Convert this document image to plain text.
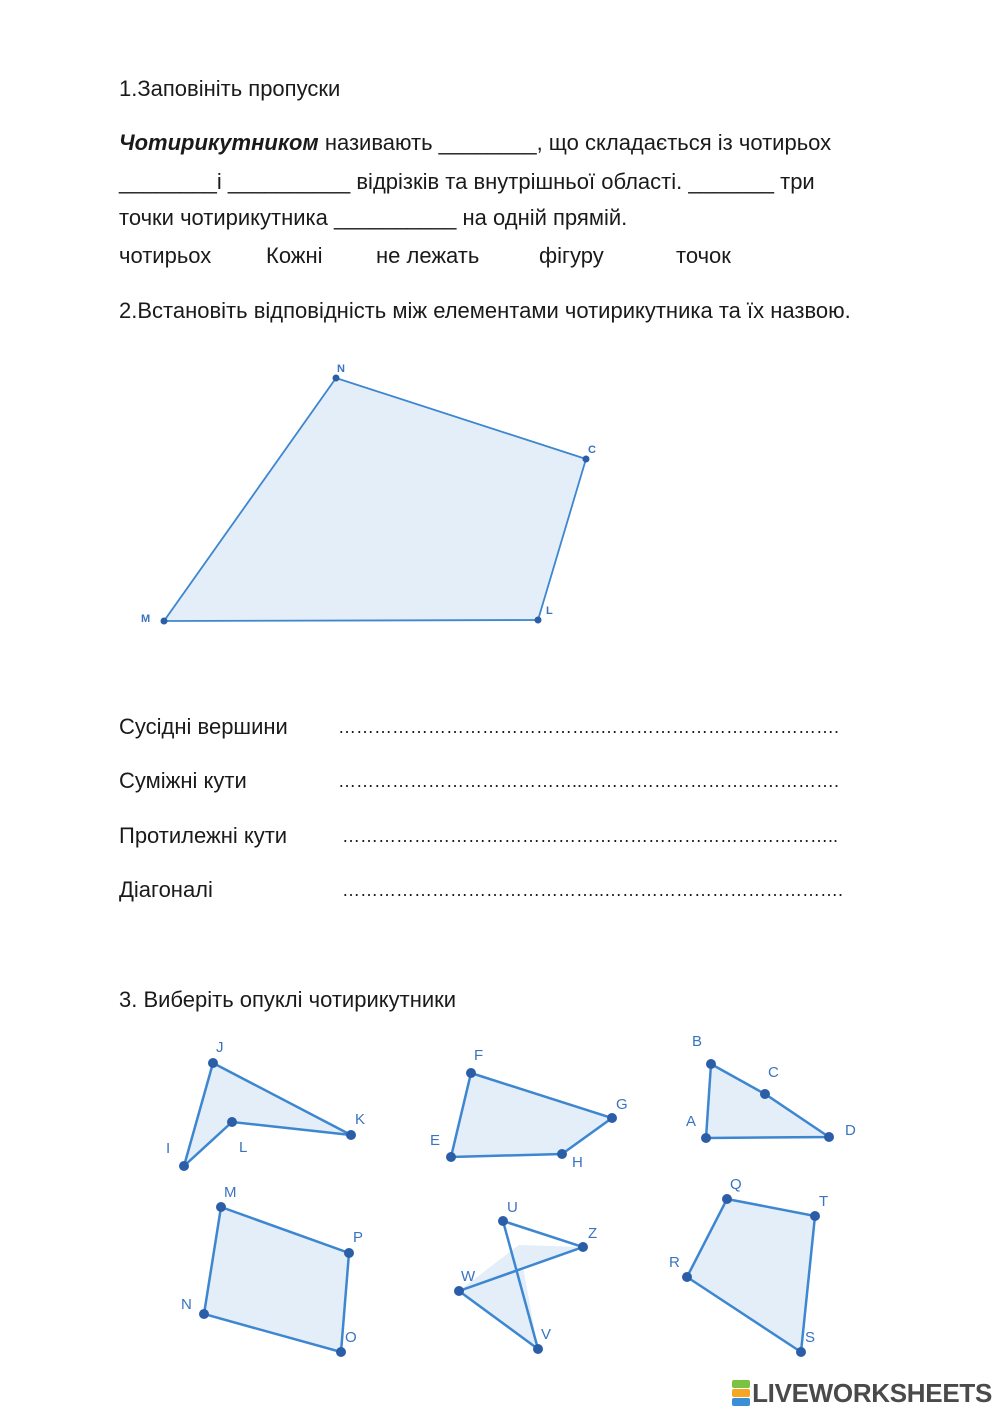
1.Заповініть пропуски
Чотирикутником називають ________, що складається із чотирьох
________і __________ відрізків та внутрішньої області. _______ три
точки чотирикутника __________ на одній прямій.
чотирьох Кожні не лежать	фігуру	точок
2.Встановіть відповідність між елементами чотирикутника та їх назвою.
N
C
L
M
J
K
L
I
F
G
H
E
B
C
D
A
M
P
O
N
U
Z
W
V
Q
T
S
R
Сусідні вершини	……………………………………..………………………………….
Суміжні кути	…………………………………..…………………………………….
Протилежні кути	………………………………………………………………………..
Діагоналі	……………………………………..………………………………….
3. Виберіть опуклі чотирикутники
LIVEWORKSHEETS
